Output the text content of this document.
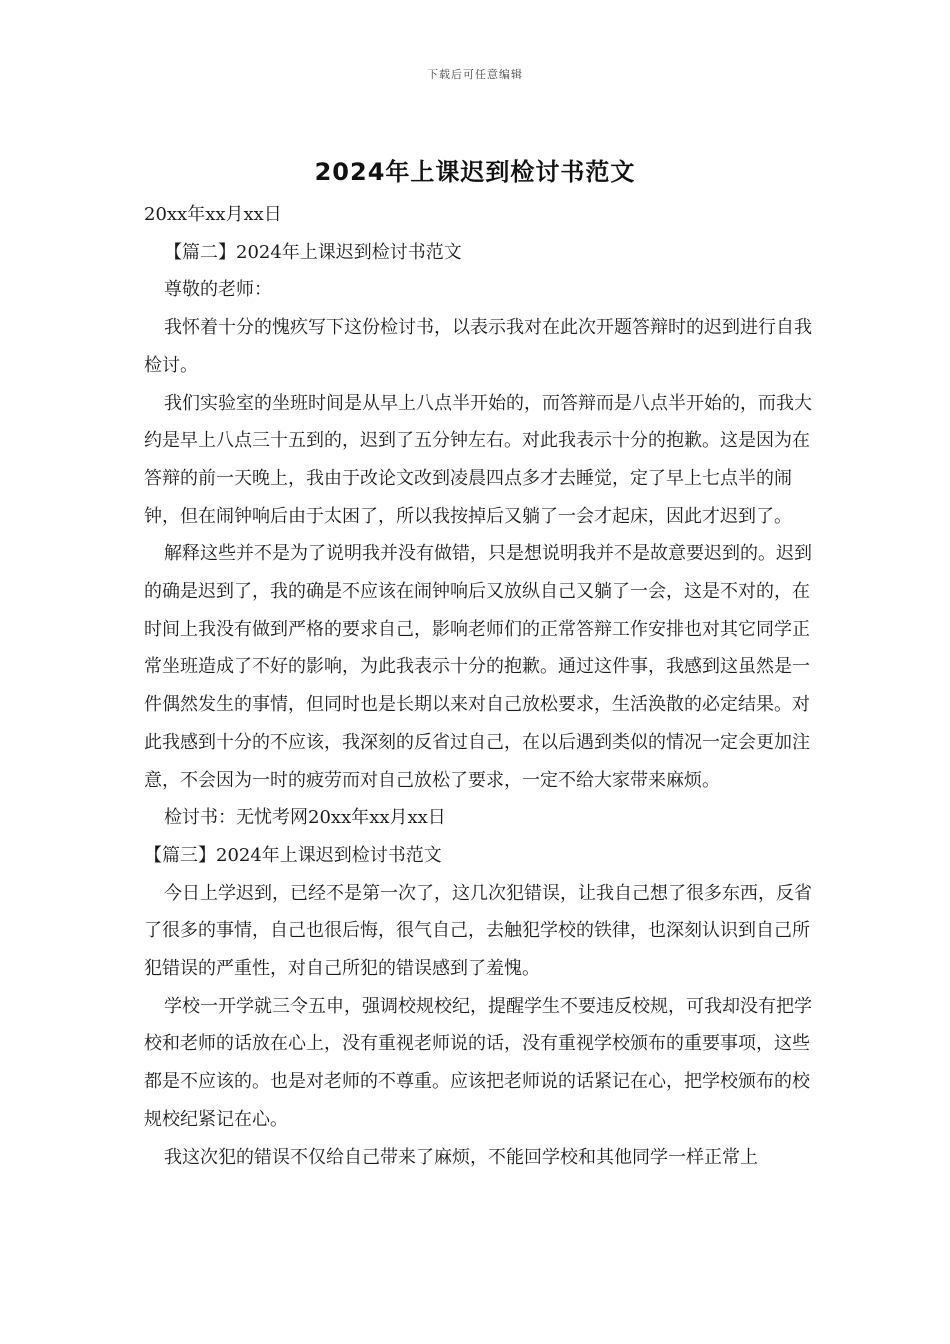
下载后可任意编辑
2024年上课迟到检讨书范文

20xx年xx月xx日

【篇二】2024年上课迟到检讨书范文

尊敬的老师：

我怀着十分的愧疚写下这份检讨书，以表示我对在此次开题答辩时的迟到进行自我检讨。

我们实验室的坐班时间是从早上八点半开始的，而答辩而是八点半开始的，而我大约是早上八点三十五到的，迟到了五分钟左右。对此我表示十分的抱歉。这是因为在答辩的前一天晚上，我由于改论文改到凌晨四点多才去睡觉，定了早上七点半的闹钟，但在闹钟响后由于太困了，所以我按掉后又躺了一会才起床，因此才迟到了。

解释这些并不是为了说明我并没有做错，只是想说明我并不是故意要迟到的。迟到的确是迟到了，我的确是不应该在闹钟响后又放纵自己又躺了一会，这是不对的，在时间上我没有做到严格的要求自己，影响老师们的正常答辩工作安排也对其它同学正常坐班造成了不好的影响，为此我表示十分的抱歉。通过这件事，我感到这虽然是一件偶然发生的事情，但同时也是长期以来对自己放松要求，生活涣散的必定结果。对此我感到十分的不应该，我深刻的反省过自己，在以后遇到类似的情况一定会更加注意，不会因为一时的疲劳而对自己放松了要求，一定不给大家带来麻烦。

检讨书：无忧考网20xx年xx月xx日

【篇三】2024年上课迟到检讨书范文

今日上学迟到，已经不是第一次了，这几次犯错误，让我自己想了很多东西，反省了很多的事情，自己也很后悔，很气自己，去触犯学校的铁律，也深刻认识到自己所犯错误的严重性，对自己所犯的错误感到了羞愧。

学校一开学就三令五申，强调校规校纪，提醒学生不要违反校规，可我却没有把学校和老师的话放在心上，没有重视老师说的话，没有重视学校颁布的重要事项，这些都是不应该的。也是对老师的不尊重。应该把老师说的话紧记在心，把学校颁布的校规校纪紧记在心。

我这次犯的错误不仅给自己带来了麻烦，不能回学校和其他同学一样正常上
